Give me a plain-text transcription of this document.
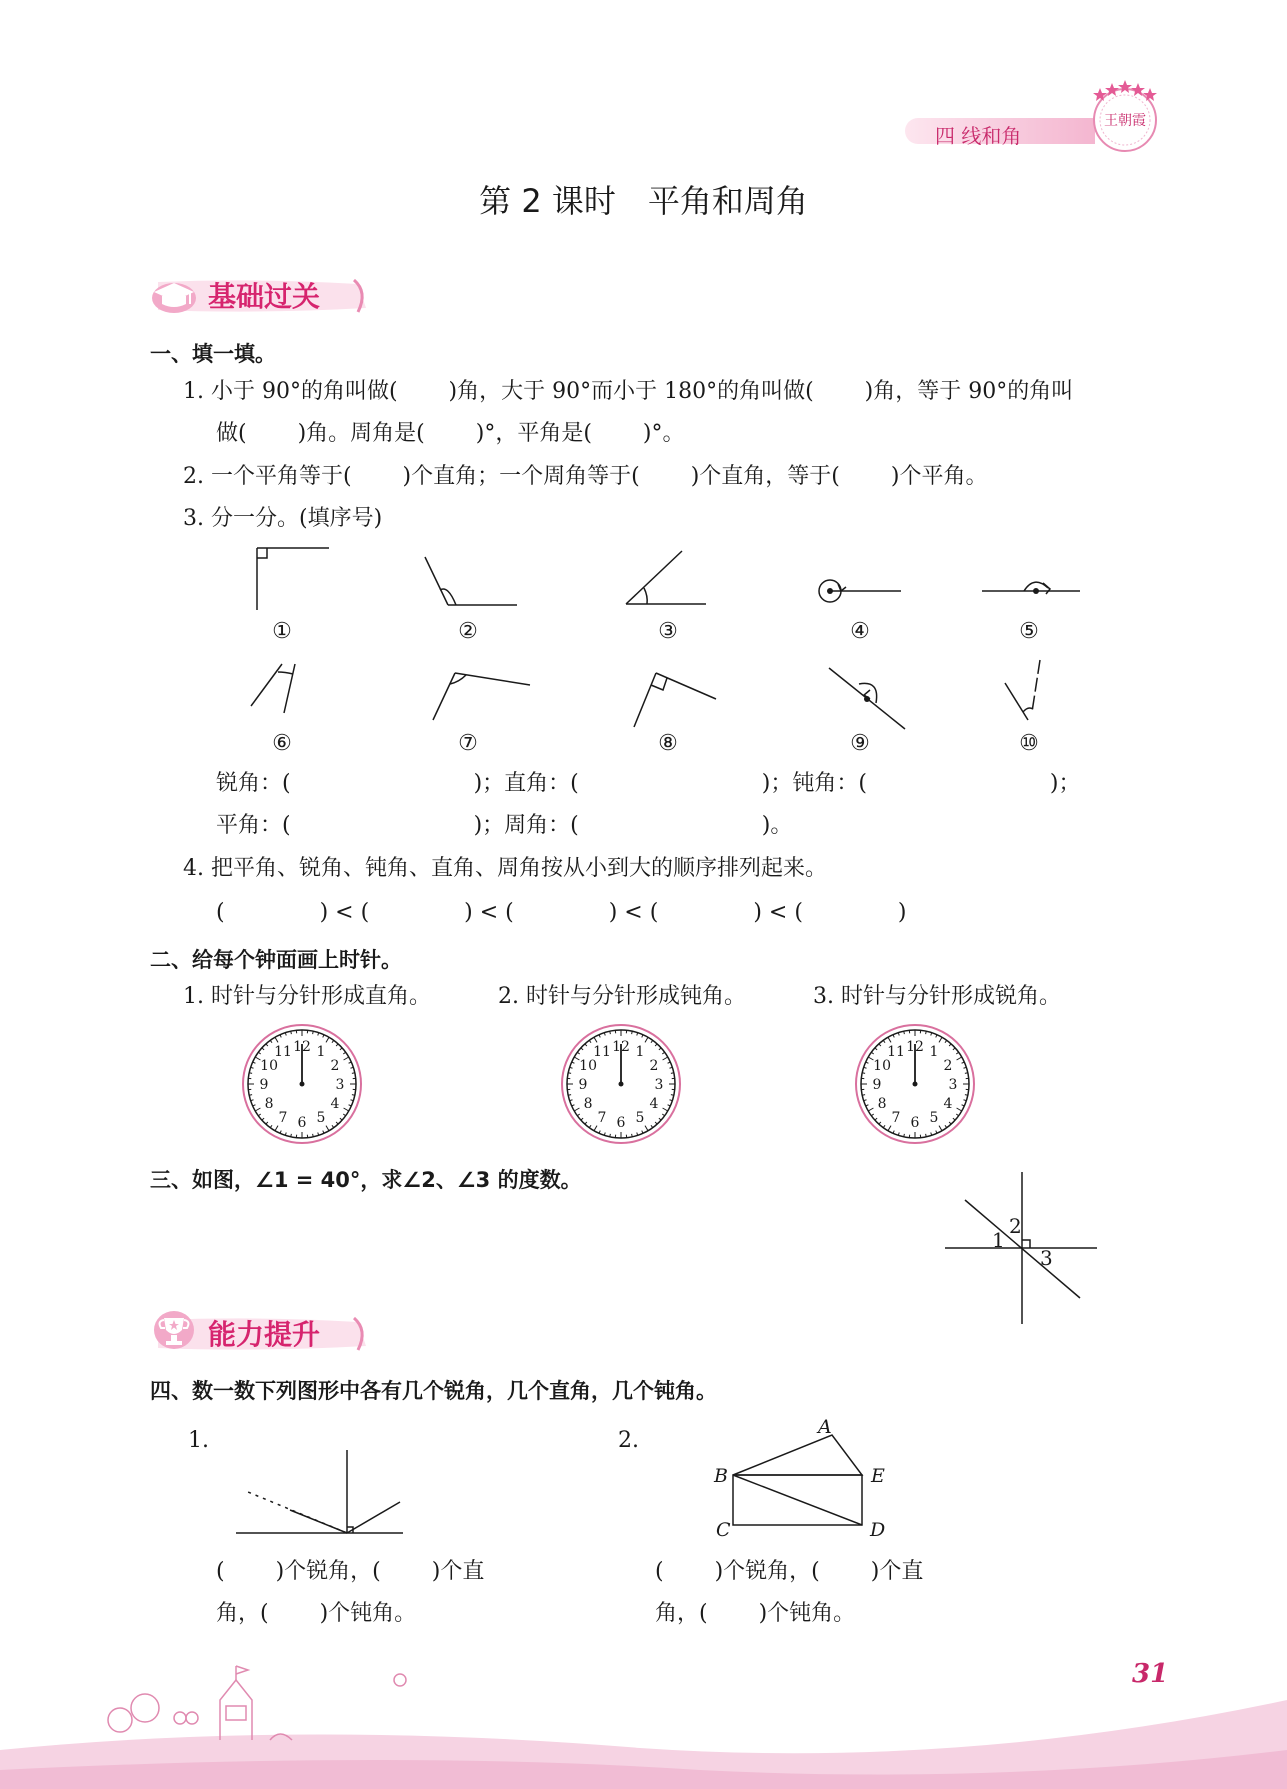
四 线和角
王朝霞
第 2 课时　平角和周角
基础过关
一、填一填。
1. 小于 90°的角叫做(　　 )角，大于 90°而小于 180°的角叫做(　　 )角，等于 90°的角叫
做(　　 )角。周角是(　　 )°，平角是(　　 )°。
2. 一个平角等于(　　 )个直角；一个周角等于(　　 )个直角，等于(　　 )个平角。
3. 分一分。(填序号)
①	②	③	④	⑤
⑥	⑦	⑧	⑨	⑩
锐角：(　　　　　　　　 )；直角：(　　　　　　　　 )；钝角：(　　　　　　　　 )；
平角：(　　　　　　　　 )；周角：(　　　　　　　　 )。
4. 把平角、锐角、钝角、直角、周角按从小到大的顺序排列起来。
(　　　　 ) < (　　　　 ) < (　　　　 ) < (　　　　 ) < (　　　　 )
二、给每个钟面画上时针。
1. 时针与分针形成直角。	2. 时针与分针形成钝角。	3. 时针与分针形成锐角。
12 1
2
3
4
5
6
7
8
9
10
11	12 1
2
3
4
5
6
7
8
9
10
11	12 1
2
3
4
5
6
7
8
9
10
11
三、如图，∠1 = 40°，求∠2、∠3 的度数。
1
2
3
能力提升
四、数一数下列图形中各有几个锐角，几个直角，几个钝角。
1.	2.
A
B	E
C	D
(　　 )个锐角，(　　 )个直
角，(　　 )个钝角。
(　　 )个锐角，(　　 )个直
角，(　　 )个钝角。
31
